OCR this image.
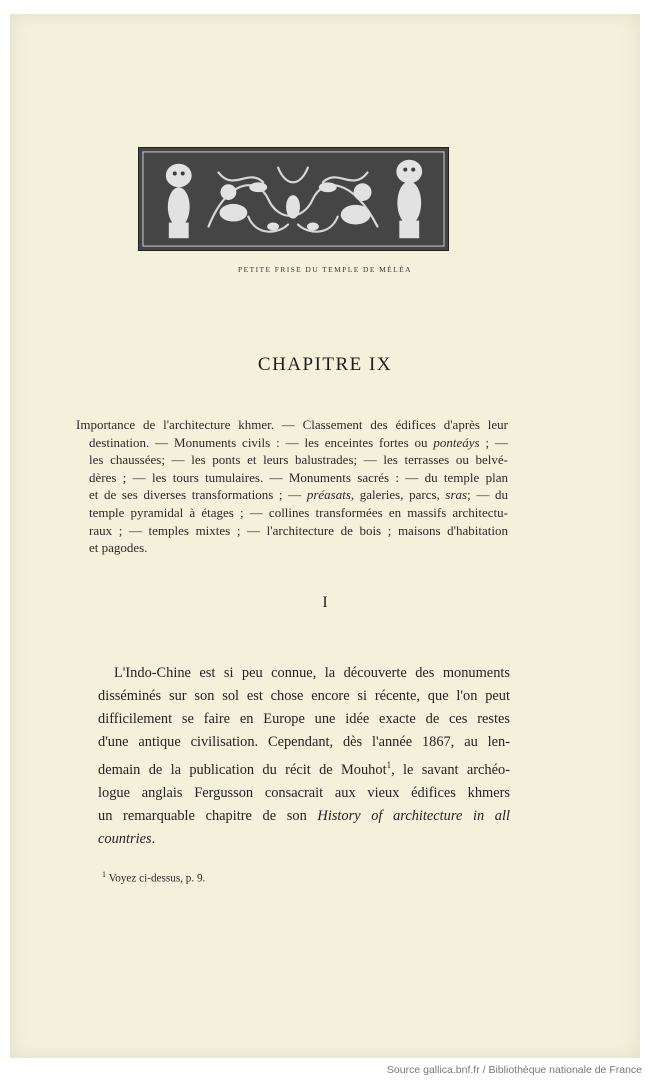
PETITE FRISE DU TEMPLE DE MÉLÉA
CHAPITRE IX
Importance de l'architecture khmer. — Classement des édifices d'après leur
destination. — Monuments civils : — les enceintes fortes ou ponteáys ; —
les chaussées; — les ponts et leurs balustrades; — les terrasses ou belvé-
dères ; — les tours tumulaires. — Monuments sacrés : — du temple plan
et de ses diverses transformations ; — préasats, galeries, parcs, sras; — du
temple pyramidal à étages ; — collines transformées en massifs architectu-
raux ; — temples mixtes ; — l'architecture de bois ; maisons d'habitation
et pagodes.
I
L'Indo-Chine est si peu connue, la découverte des monuments
disséminés sur son sol est chose encore si récente, que l'on peut
difficilement se faire en Europe une idée exacte de ces restes
d'une antique civilisation. Cependant, dès l'année 1867, au len-
demain de la publication du récit de Mouhot$^1$, le savant archéo-
logue anglais Fergusson consacrait aux vieux édifices khmers
un remarquable chapitre de son History of architecture in all
countries.
$^1$ Voyez ci-dessus, p. 9.
Source gallica.bnf.fr / Bibliothèque nationale de France
